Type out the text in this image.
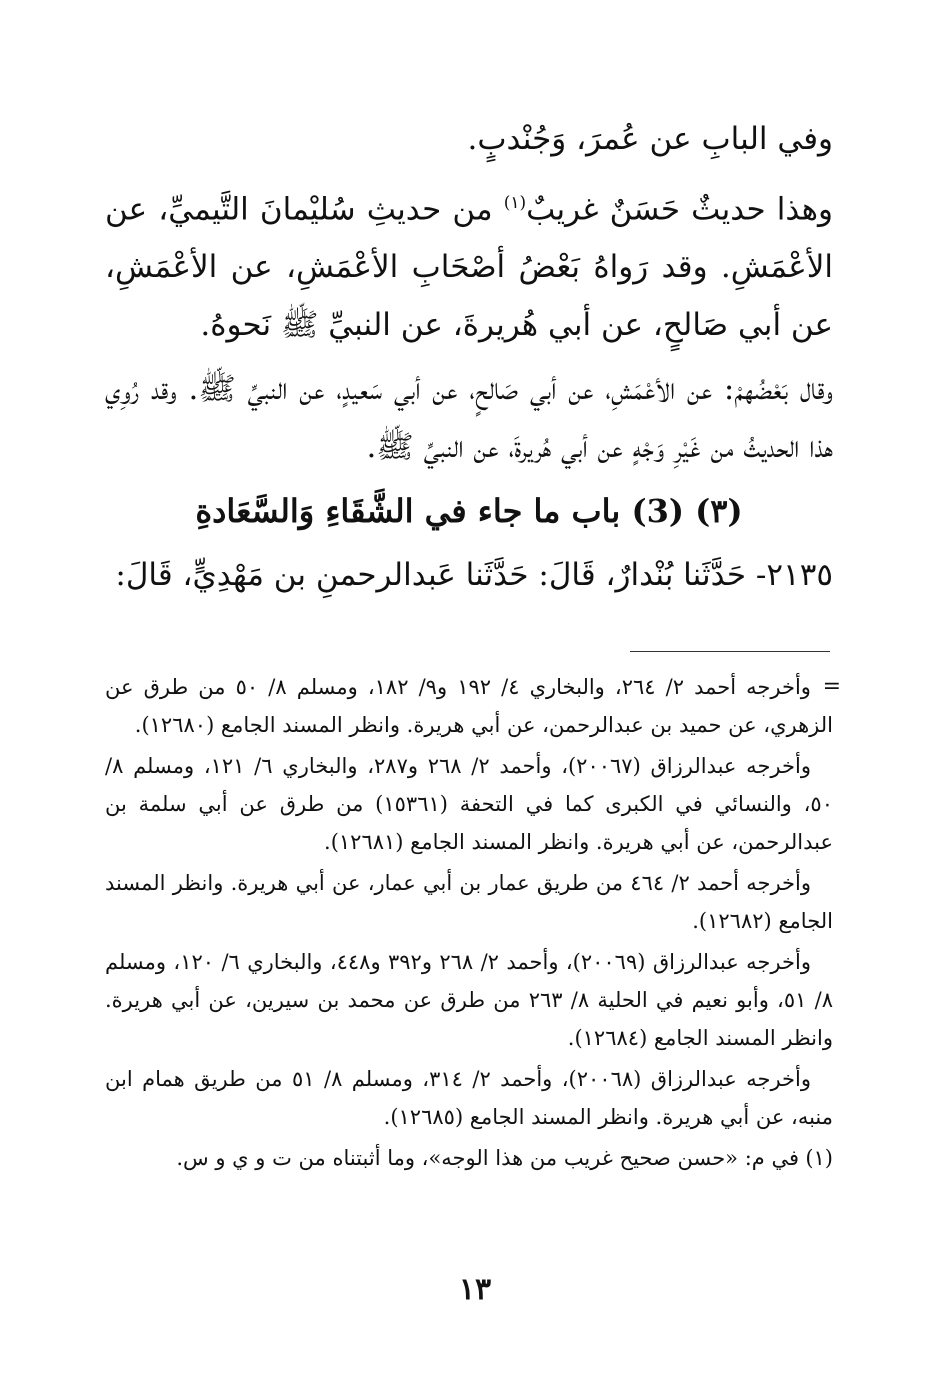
وفي البابِ عن عُمرَ، وَجُنْدبٍ.

وهذا حديثٌ حَسَنٌ غريبٌ$^{(١)}$ من حديثِ سُليْمانَ التَّيميِّ، عن الأعْمَشِ. وقد رَواهُ بَعْضُ أصْحَابِ الأعْمَشِ، عن الأعْمَشِ، عن أبي صَالحٍ، عن أبي هُريرةَ، عن النبيِّ ﷺ نَحوهُ.

وقال بَعْضُهمْ: عن الأعْمَشِ، عن أبي صَالحٍ، عن أبي سَعيدٍ، عن النبيِّ ﷺ. وقد رُوِي هذا الحديثُ من غَيْرِ وَجْهٍ عن أبي هُريرةَ، عن النبيِّ ﷺ.

(٣) (3) باب ما جاء في الشَّقَاءِ وَالسَّعَادةِ

٢١٣٥- حَدَّثَنا بُنْدارٌ، قَالَ: حَدَّثَنا عَبدالرحمنِ بن مَهْدِيٍّ، قَالَ:

=
وأخرجه أحمد ٢/ ٢٦٤، والبخاري ٤/ ١٩٢ و٩/ ١٨٢، ومسلم ٨/ ٥٠ من طرق عن الزهري، عن حميد بن عبدالرحمن، عن أبي هريرة. وانظر المسند الجامع (١٢٦٨٠).

وأخرجه عبدالرزاق (٢٠٠٦٧)، وأحمد ٢/ ٢٦٨ و٢٨٧، والبخاري ٦/ ١٢١، ومسلم ٨/ ٥٠، والنسائي في الكبرى كما في التحفة (١٥٣٦١) من طرق عن أبي سلمة بن عبدالرحمن، عن أبي هريرة. وانظر المسند الجامع (١٢٦٨١).

وأخرجه أحمد ٢/ ٤٦٤ من طريق عمار بن أبي عمار، عن أبي هريرة. وانظر المسند الجامع (١٢٦٨٢).

وأخرجه عبدالرزاق (٢٠٠٦٩)، وأحمد ٢/ ٢٦٨ و٣٩٢ و٤٤٨، والبخاري ٦/ ١٢٠، ومسلم ٨/ ٥١، وأبو نعيم في الحلية ٨/ ٢٦٣ من طرق عن محمد بن سيرين، عن أبي هريرة. وانظر المسند الجامع (١٢٦٨٤).

وأخرجه عبدالرزاق (٢٠٠٦٨)، وأحمد ٢/ ٣١٤، ومسلم ٨/ ٥١ من طريق همام ابن منبه، عن أبي هريرة. وانظر المسند الجامع (١٢٦٨٥).

(١)في م: «حسن صحيح غريب من هذا الوجه»، وما أثبتناه من ت و ي و س.

١٣
